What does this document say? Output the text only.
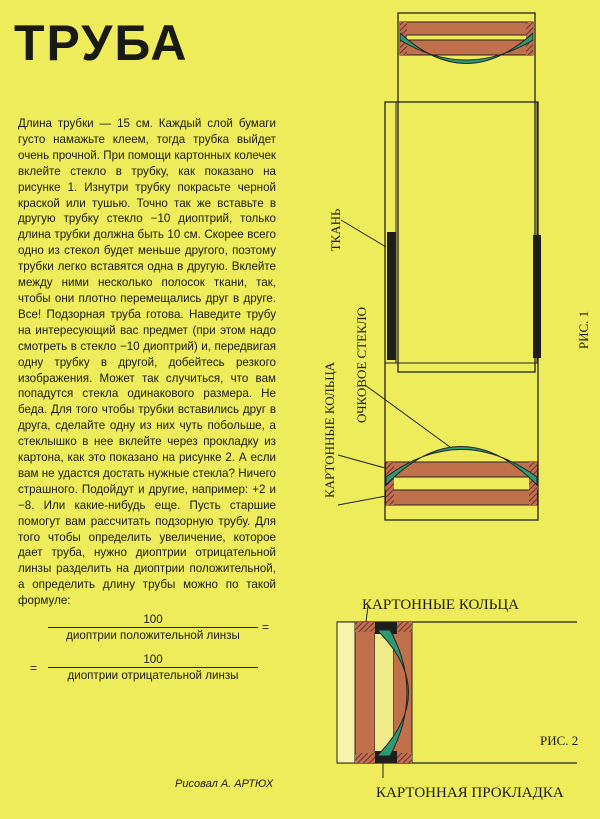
ТРУБА
Длина трубки — 15 см. Каждый слой бумаги густо намажьте клеем, тогда трубка выйдет очень прочной. При помощи картонных колечек вклейте стекло в трубку, как показано на рисунке 1. Изнутри трубку покрасьте черной краской или тушью. Точно так же вставьте в другую трубку стекло −10 диоптрий, только длина трубки должна быть 10 см. Скорее всего одно из стекол будет меньше другого, поэтому трубки легко вставятся одна в другую. Вклейте между ними несколько полосок ткани, так, чтобы они плотно перемещались друг в друге. Все! Подзорная труба готова. Наведите трубу на интересующий вас предмет (при этом надо смотреть в стекло −10 диоптрий) и, передвигая одну трубку в другой, добейтесь резкого изображения. Может так случиться, что вам попадутся стекла одинакового размера. Не беда. Для того чтобы трубки вставились друг в друга, сделайте одну из них чуть побольше, а стеклышко в нее вклейте через прокладку из картона, как это показано на рисунке 2. А если вам не удастся достать нужные стекла? Ничего страшного. Подойдут и другие, например: +2 и −8. Или какие-нибудь еще. Пусть старшие помогут вам рассчитать подзорную трубу. Для того чтобы определить увеличение, которое дает труба, нужно диоптрии отрицательной линзы разделить на диоптрии положительной, а определить длину трубы можно по такой формуле:
100
диоптрии положительной линзы
=
=
100
диоптрии отрицательной линзы
Рисовал А. АРТЮХ
ТКАНЬ
ОЧКОВОЕ СТЕКЛО
КАРТОННЫЕ КОЛЬЦА
РИС. 1
КАРТОННЫЕ КОЛЬЦА
РИС. 2
КАРТОННАЯ ПРОКЛАДКА
